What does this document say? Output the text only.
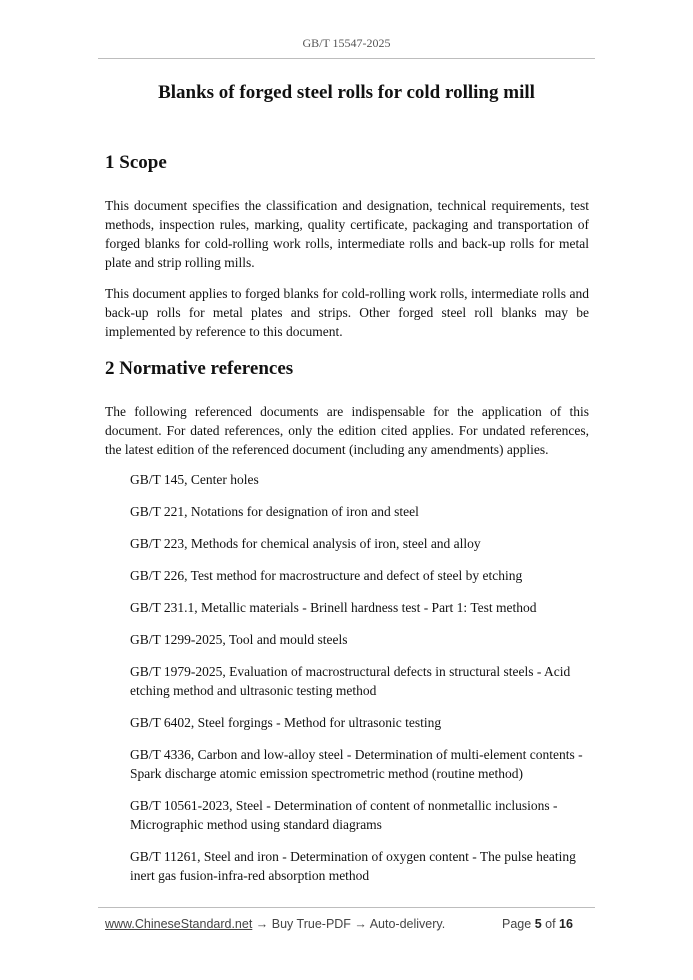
GB/T 15547-2025
Blanks of forged steel rolls for cold rolling mill
1 Scope

This document specifies the classification and designation, technical requirements, test methods, inspection rules, marking, quality certificate, packaging and transportation of forged blanks for cold-rolling work rolls, intermediate rolls and back-up rolls for metal plate and strip rolling mills.

This document applies to forged blanks for cold-rolling work rolls, intermediate rolls and back-up rolls for metal plates and strips. Other forged steel roll blanks may be implemented by reference to this document.

2 Normative references

The following referenced documents are indispensable for the application of this document. For dated references, only the edition cited applies. For undated references, the latest edition of the referenced document (including any amendments) applies.

GB/T 145, Center holes

GB/T 221, Notations for designation of iron and steel

GB/T 223, Methods for chemical analysis of iron, steel and alloy

GB/T 226, Test method for macrostructure and defect of steel by etching

GB/T 231.1, Metallic materials - Brinell hardness test - Part 1: Test method

GB/T 1299-2025, Tool and mould steels

GB/T 1979-2025, Evaluation of macrostructural defects in structural steels - Acid etching method and ultrasonic testing method

GB/T 6402, Steel forgings - Method for ultrasonic testing

GB/T 4336, Carbon and low-alloy steel - Determination of multi-element contents - Spark discharge atomic emission spectrometric method (routine method)

GB/T 10561-2023, Steel - Determination of content of nonmetallic inclusions - Micrographic method using standard diagrams

GB/T 11261, Steel and iron - Determination of oxygen content - The pulse heating inert gas fusion-infra-red absorption method

www.ChineseStandard.net → Buy True-PDF → Auto-delivery.	Page 5 of 16
